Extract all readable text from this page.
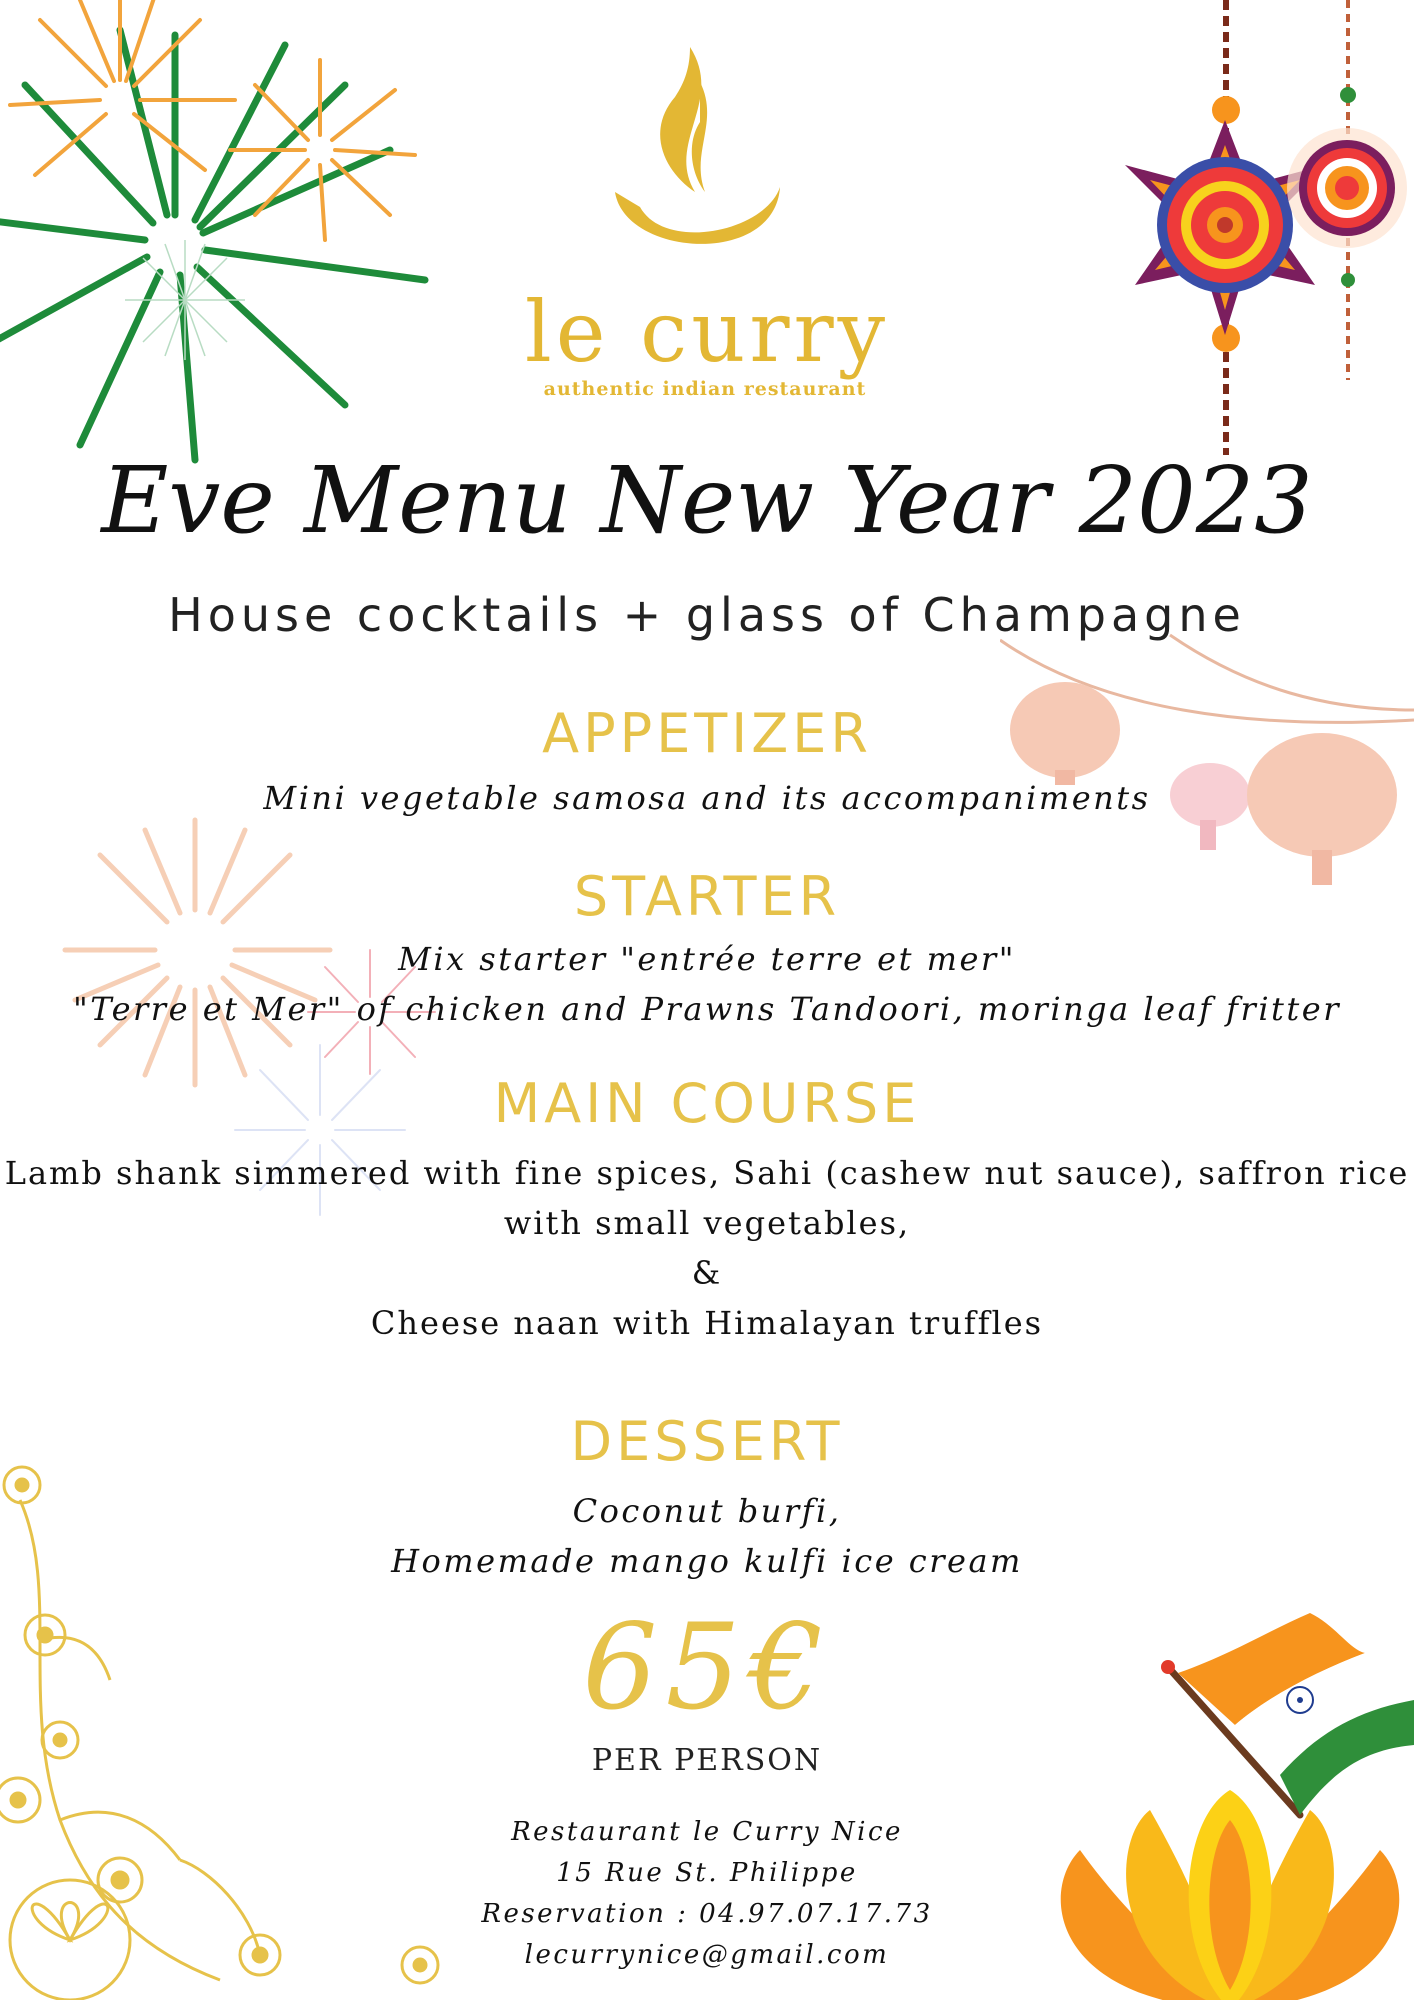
le curry
authentic indian restaurant
Eve Menu New Year 2023
House cocktails + glass of Champagne
APPETIZER
Mini vegetable samosa and its accompaniments
STARTER
Mix starter "entrée terre et mer"
"Terre et Mer" of chicken and Prawns Tandoori, moringa leaf fritter
MAIN COURSE
Lamb shank simmered with fine spices, Sahi (cashew nut sauce), saffron rice
with small vegetables,
&
Cheese naan with Himalayan truffles
DESSERT
Coconut burfi,
Homemade mango kulfi ice cream
65€
PER PERSON
Restaurant le Curry Nice
15 Rue St. Philippe
Reservation : 04.97.07.17.73
lecurrynice@gmail.com
